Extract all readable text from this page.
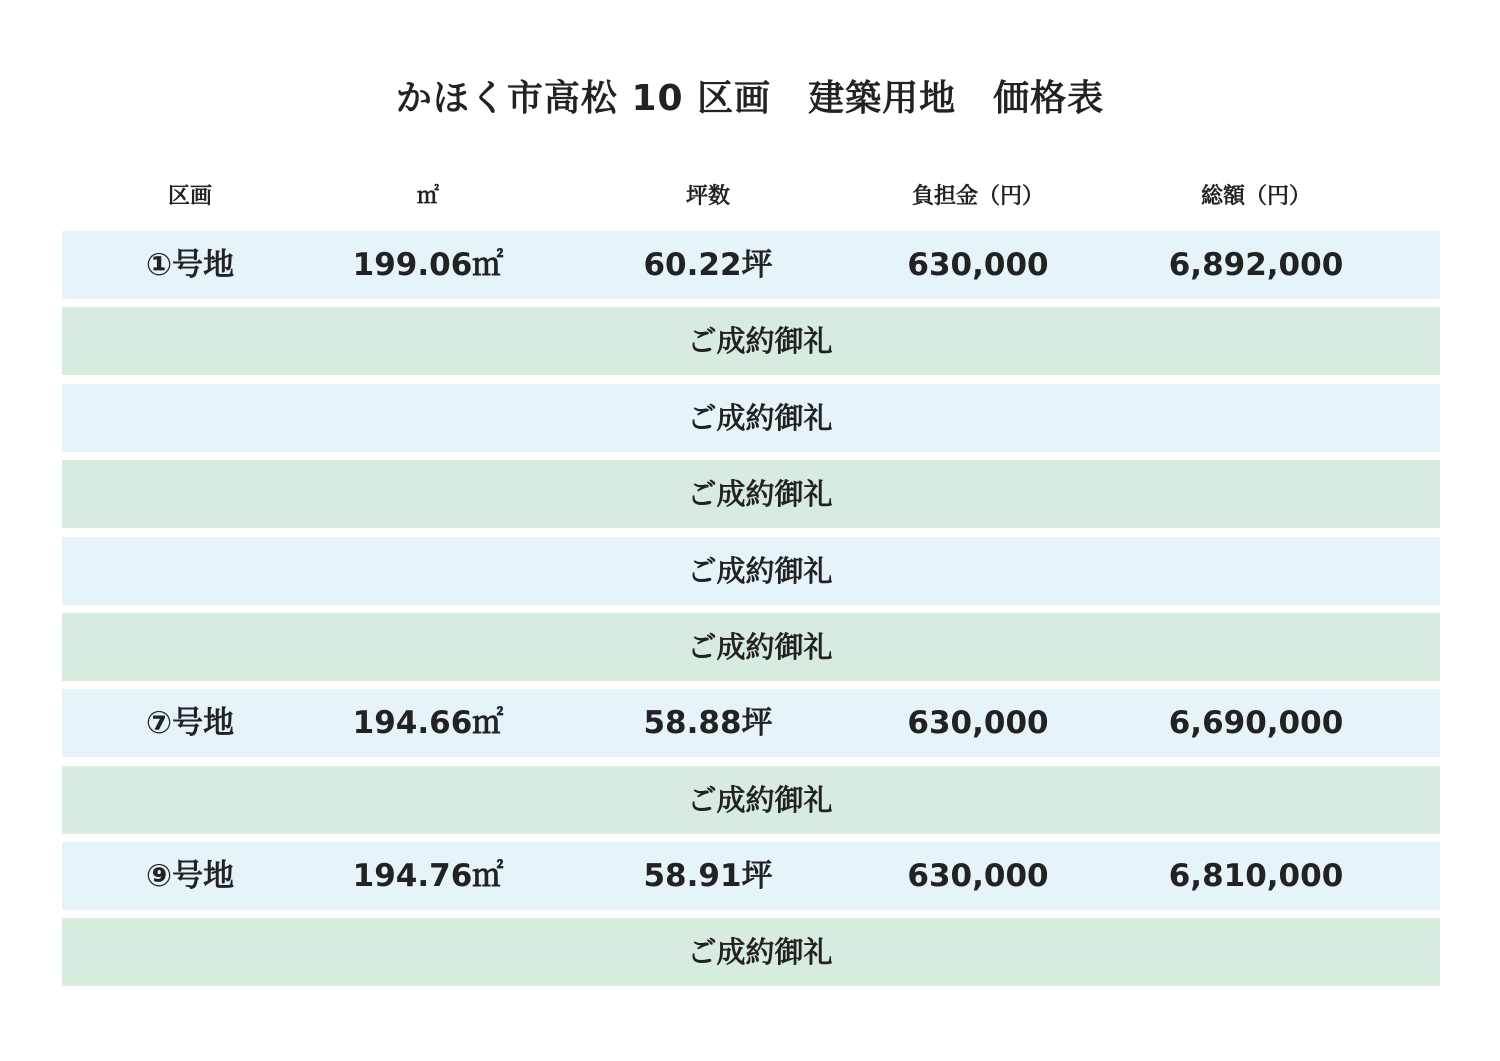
かほく市高松 10 区画　建築用地　価格表
区画	㎡	坪数	負担金（円）	総額（円）
①号地	199.06㎡	60.22坪	630,000	6,892,000
ご成約御礼
ご成約御礼
ご成約御礼
ご成約御礼
ご成約御礼
⑦号地	194.66㎡	58.88坪	630,000	6,690,000
ご成約御礼
⑨号地	194.76㎡	58.91坪	630,000	6,810,000
ご成約御礼
